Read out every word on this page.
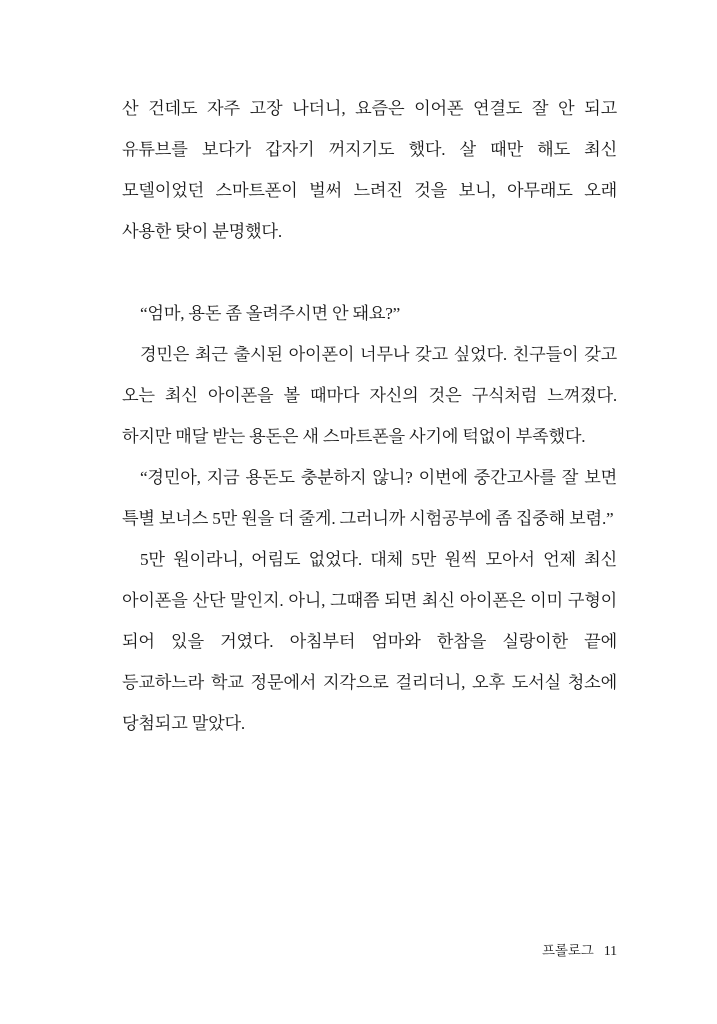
산 건데도 자주 고장 나더니, 요즘은 이어폰 연결도 잘 안 되고 유튜브를 보다가 갑자기 꺼지기도 했다. 살 때만 해도 최신 모델이었던 스마트폰이 벌써 느려진 것을 보니, 아무래도 오래 사용한 탓이 분명했다.

“엄마, 용돈 좀 올려주시면 안 돼요?”

경민은 최근 출시된 아이폰이 너무나 갖고 싶었다. 친구들이 갖고 오는 최신 아이폰을 볼 때마다 자신의 것은 구식처럼 느껴졌다. 하지만 매달 받는 용돈은 새 스마트폰을 사기에 턱없이 부족했다.

“경민아, 지금 용돈도 충분하지 않니? 이번에 중간고사를 잘 보면 특별 보너스 5만 원을 더 줄게. 그러니까 시험공부에 좀 집중해 보렴.”

5만 원이라니, 어림도 없었다. 대체 5만 원씩 모아서 언제 최신 아이폰을 산단 말인지. 아니, 그때쯤 되면 최신 아이폰은 이미 구형이 되어 있을 거였다. 아침부터 엄마와 한참을 실랑이한 끝에 등교하느라 학교 정문에서 지각으로 걸리더니, 오후 도서실 청소에 당첨되고 말았다.

프롤로그 11
